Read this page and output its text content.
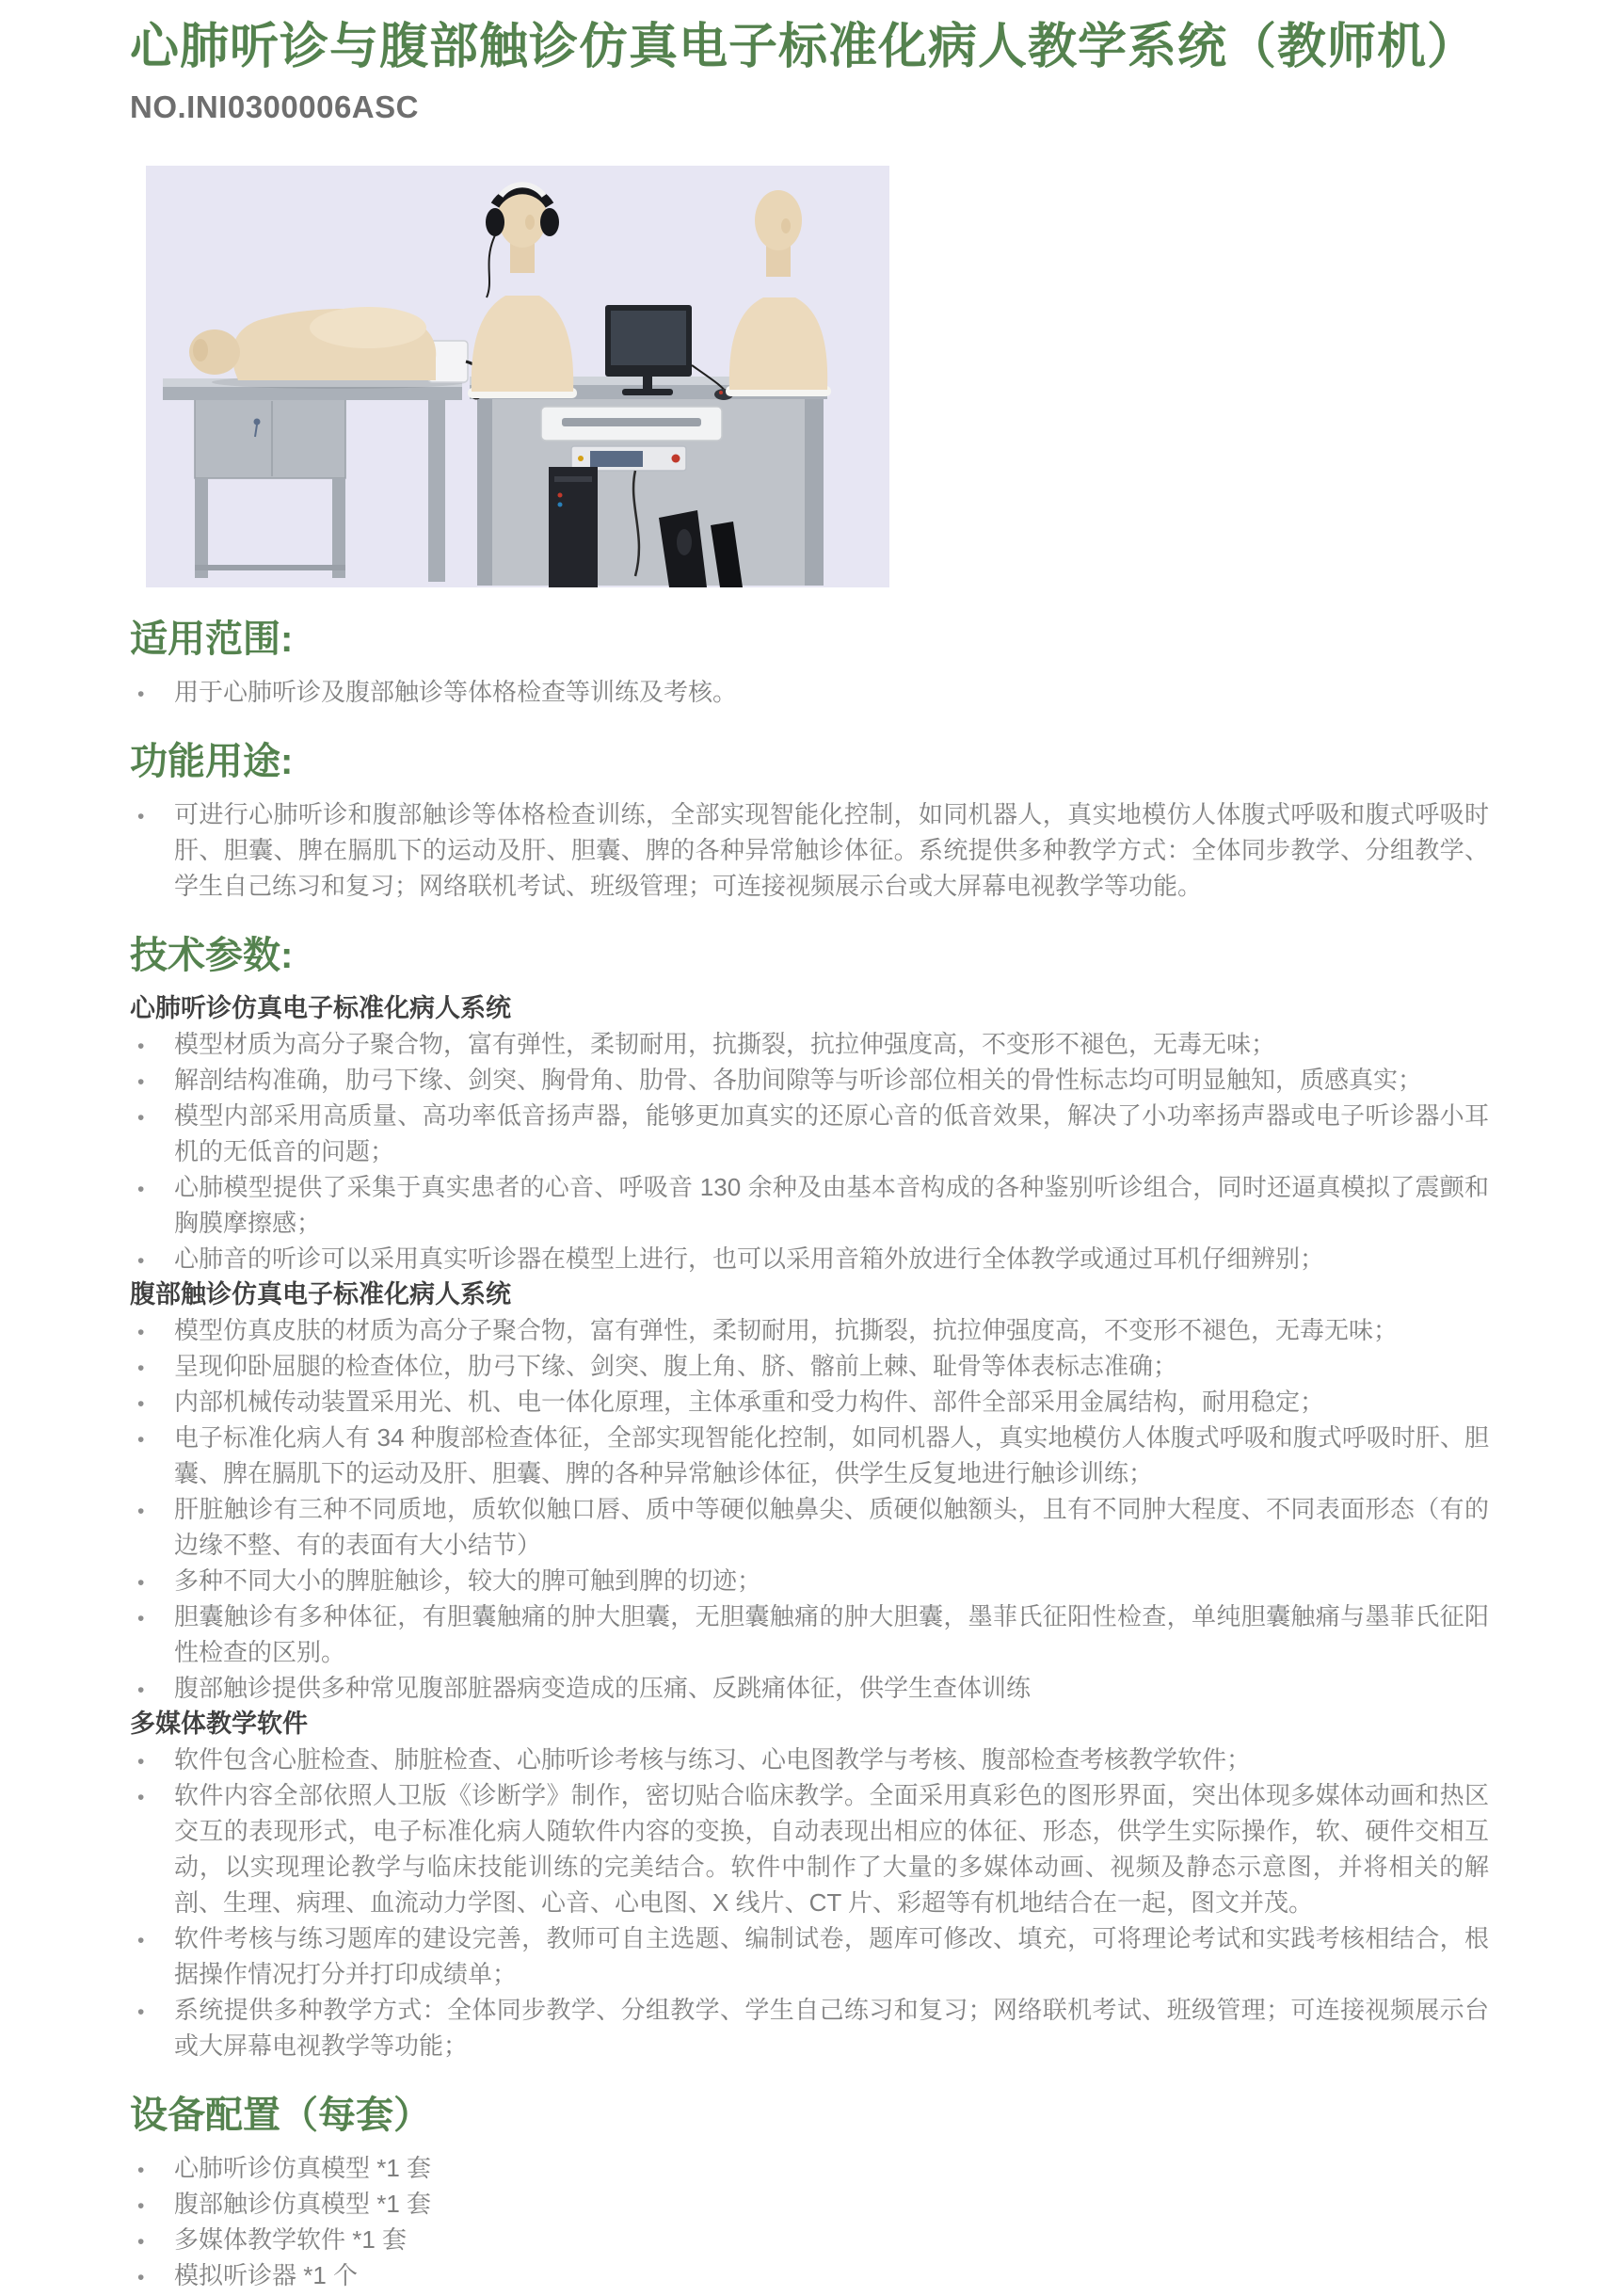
心肺听诊与腹部触诊仿真电子标准化病人教学系统（教师机）
NO.INI0300006ASC
适用范围:
• 用于心肺听诊及腹部触诊等体格检查等训练及考核。
功能用途:
• 可进行心肺听诊和腹部触诊等体格检查训练，全部实现智能化控制，如同机器人，真实地模仿人体腹式呼吸和腹式呼吸时肝、胆囊、脾在膈肌下的运动及肝、胆囊、脾的各种异常触诊体征。系统提供多种教学方式：全体同步教学、分组教学、学生自己练习和复习；网络联机考试、班级管理；可连接视频展示台或大屏幕电视教学等功能。
技术参数:
心肺听诊仿真电子标准化病人系统
• 模型材质为高分子聚合物，富有弹性，柔韧耐用，抗撕裂，抗拉伸强度高，不变形不褪色，无毒无味；
• 解剖结构准确，肋弓下缘、剑突、胸骨角、肋骨、各肋间隙等与听诊部位相关的骨性标志均可明显触知，质感真实；
• 模型内部采用高质量、高功率低音扬声器，能够更加真实的还原心音的低音效果，解决了小功率扬声器或电子听诊器小耳机的无低音的问题；
• 心肺模型提供了采集于真实患者的心音、呼吸音 130 余种及由基本音构成的各种鉴别听诊组合，同时还逼真模拟了震颤和胸膜摩擦感；
• 心肺音的听诊可以采用真实听诊器在模型上进行，也可以采用音箱外放进行全体教学或通过耳机仔细辨别；
腹部触诊仿真电子标准化病人系统
• 模型仿真皮肤的材质为高分子聚合物，富有弹性，柔韧耐用，抗撕裂，抗拉伸强度高，不变形不褪色，无毒无味；
• 呈现仰卧屈腿的检查体位，肋弓下缘、剑突、腹上角、脐、髂前上棘、耻骨等体表标志准确；
• 内部机械传动装置采用光、机、电一体化原理，主体承重和受力构件、部件全部采用金属结构，耐用稳定；
• 电子标准化病人有 34 种腹部检查体征，全部实现智能化控制，如同机器人，真实地模仿人体腹式呼吸和腹式呼吸时肝、胆囊、脾在膈肌下的运动及肝、胆囊、脾的各种异常触诊体征，供学生反复地进行触诊训练；
• 肝脏触诊有三种不同质地，质软似触口唇、质中等硬似触鼻尖、质硬似触额头，且有不同肿大程度、不同表面形态（有的边缘不整、有的表面有大小结节）
• 多种不同大小的脾脏触诊，较大的脾可触到脾的切迹；
• 胆囊触诊有多种体征，有胆囊触痛的肿大胆囊，无胆囊触痛的肿大胆囊，墨菲氏征阳性检查，单纯胆囊触痛与墨菲氏征阳性检查的区别。
• 腹部触诊提供多种常见腹部脏器病变造成的压痛、反跳痛体征，供学生查体训练
多媒体教学软件
• 软件包含心脏检查、肺脏检查、心肺听诊考核与练习、心电图教学与考核、腹部检查考核教学软件；
• 软件内容全部依照人卫版《诊断学》制作，密切贴合临床教学。全面采用真彩色的图形界面，突出体现多媒体动画和热区交互的表现形式，电子标准化病人随软件内容的变换，自动表现出相应的体征、形态，供学生实际操作，软、硬件交相互动，以实现理论教学与临床技能训练的完美结合。软件中制作了大量的多媒体动画、视频及静态示意图，并将相关的解剖、生理、病理、血流动力学图、心音、心电图、X 线片、CT 片、彩超等有机地结合在一起，图文并茂。
• 软件考核与练习题库的建设完善，教师可自主选题、编制试卷，题库可修改、填充，可将理论考试和实践考核相结合，根据操作情况打分并打印成绩单；
• 系统提供多种教学方式：全体同步教学、分组教学、学生自己练习和复习；网络联机考试、班级管理；可连接视频展示台或大屏幕电视教学等功能；
设备配置（每套）
• 心肺听诊仿真模型 *1 套
• 腹部触诊仿真模型 *1 套
• 多媒体教学软件 *1 套
• 模拟听诊器 *1 个
